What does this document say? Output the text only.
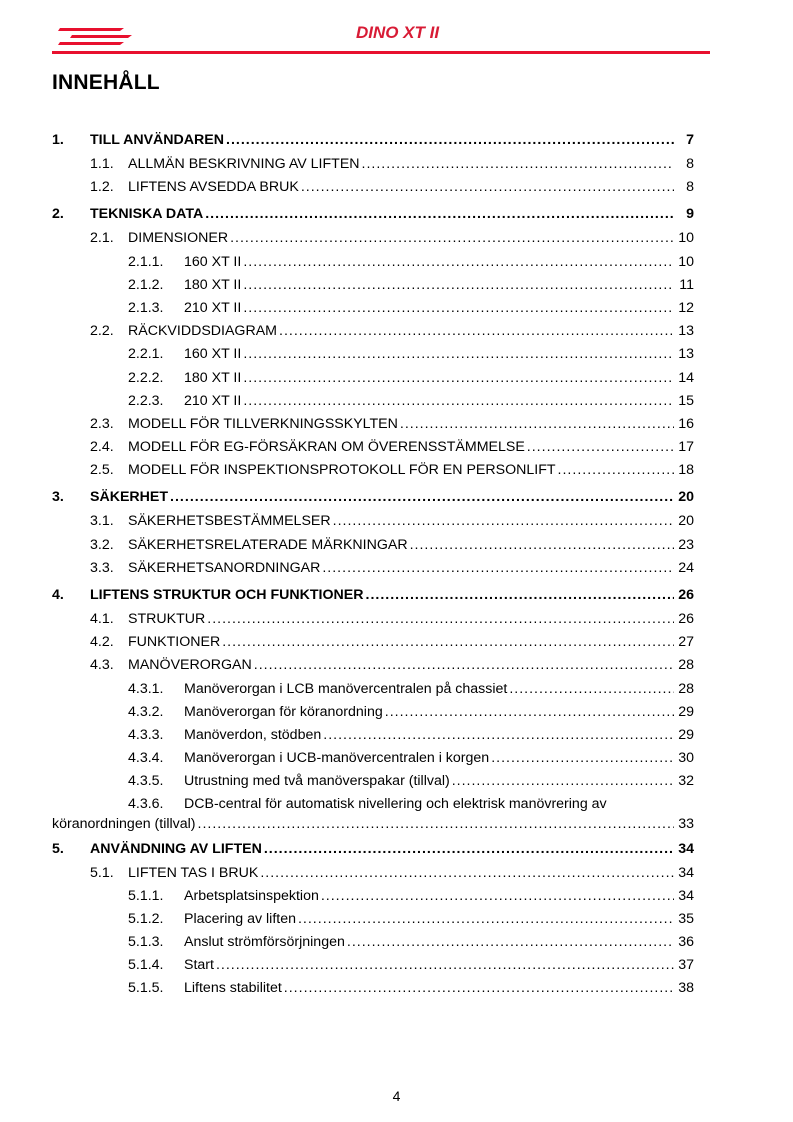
DINO XT II
INNEHÅLL
1.	TILL ANVÄNDAREN .....	7
1.1.	ALLMÄN BESKRIVNING AV LIFTEN .....	8
1.2.	LIFTENS AVSEDDA BRUK .....	8
2.	TEKNISKA DATA .....	9
2.1.	DIMENSIONER .....	10
2.1.1.	160 XT II .....	10
2.1.2.	180 XT II .....	11
2.1.3.	210 XT II .....	12
2.2.	RÄCKVIDDSDIAGRAM .....	13
2.2.1.	160 XT II .....	13
2.2.2.	180 XT II .....	14
2.2.3.	210 XT II .....	15
2.3.	MODELL FÖR TILLVERKNINGSSKYLTEN .....	16
2.4.	MODELL FÖR EG-FÖRSÄKRAN OM ÖVERENSSTÄMMELSE .....	17
2.5.	MODELL FÖR INSPEKTIONSPROTOKOLL FÖR EN PERSONLIFT .....	18
3.	SÄKERHET .....	20
3.1.	SÄKERHETSBESTÄMMELSER .....	20
3.2.	SÄKERHETSRELATERADE MÄRKNINGAR .....	23
3.3.	SÄKERHETSANORDNINGAR .....	24
4.	LIFTENS STRUKTUR OCH FUNKTIONER .....	26
4.1.	STRUKTUR .....	26
4.2.	FUNKTIONER .....	27
4.3.	MANÖVERORGAN .....	28
4.3.1.	Manöverorgan i LCB manövercentralen på chassiet .....	28
4.3.2.	Manöverorgan för köranordning .....	29
4.3.3.	Manöverdon, stödben .....	29
4.3.4.	Manöverorgan i UCB-manövercentralen i korgen .....	30
4.3.5.	Utrustning med två manöverspakar (tillval) .....	32
4.3.6.	DCB-central för automatisk nivellering och elektrisk manövrering av
köranordningen (tillval) .....	33
5.	ANVÄNDNING AV LIFTEN .....	34
5.1.	LIFTEN TAS I BRUK .....	34
5.1.1.	Arbetsplatsinspektion .....	34
5.1.2.	Placering av liften .....	35
5.1.3.	Anslut strömförsörjningen .....	36
5.1.4.	Start .....	37
5.1.5.	Liftens stabilitet .....	38
4
